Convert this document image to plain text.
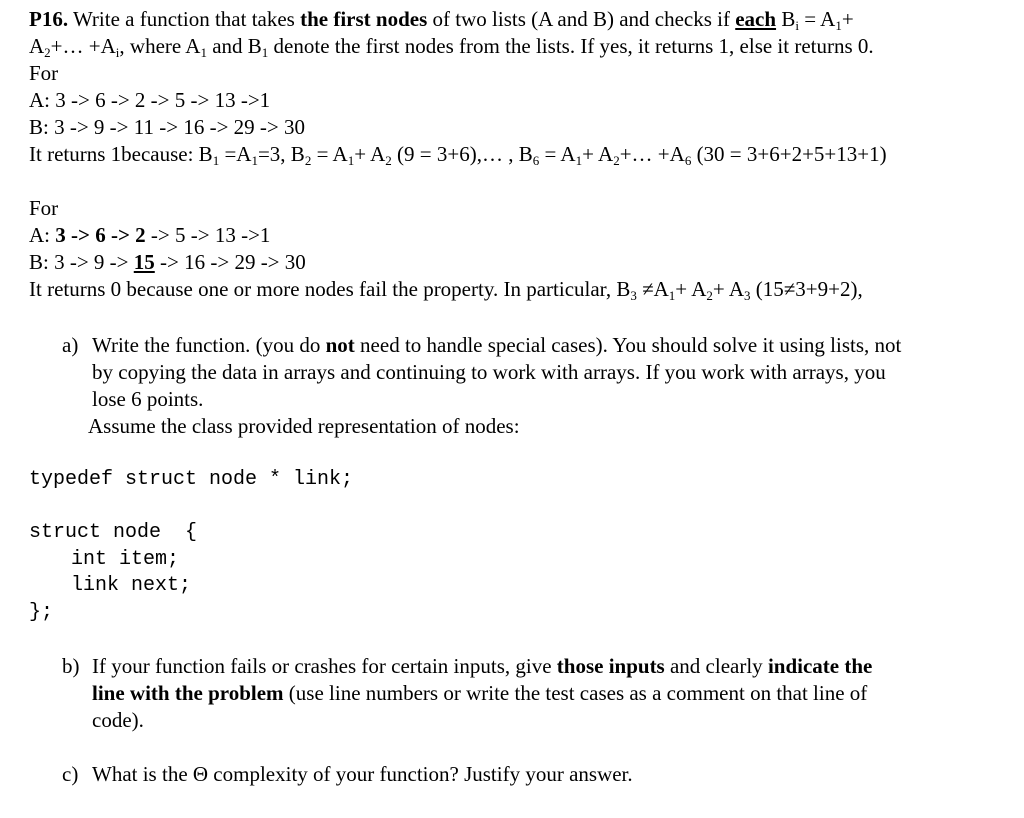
P16. Write a function that takes the first nodes of two lists (A and B) and checks if each $B_i = A_1+$
$A_2+\dots +A_i$, where $A_1$ and $B_1$ denote the first nodes from the lists. If yes, it returns 1, else it returns 0.
For
A: 3 -> 6 -> 2 -> 5 -> 13 ->1
B: 3 -> 9 -> 11 -> 16 -> 29 -> 30
It returns 1because: $B_1 =A_1=3$, $B_2 = A_1+ A_2$ (9 = 3+6),… , $B_6 = A_1+$ $A_2+\dots +A_6$ (30 = 3+6+2+5+13+1)
For
A: 3 -> 6 -> 2 -> 5 -> 13 ->1
B: 3 -> 9 -> 15 -> 16 -> 29 -> 30
It returns 0 because one or more nodes fail the property. In particular, $B_3 \ne A_1+ A_2+ A_3$ (15≠3+9+2),
a) Write the function. (you do not need to handle special cases). You should solve it using lists, not
by copying the data in arrays and continuing to work with arrays. If you work with arrays, you
lose 6 points.
Assume the class provided representation of nodes:
typedef struct node * link;
struct node  {
int item;
link next;
};
b) If your function fails or crashes for certain inputs, give those inputs and clearly indicate the
line with the problem (use line numbers or write the test cases as a comment on that line of
code).
c) What is the Θ complexity of your function? Justify your answer.
